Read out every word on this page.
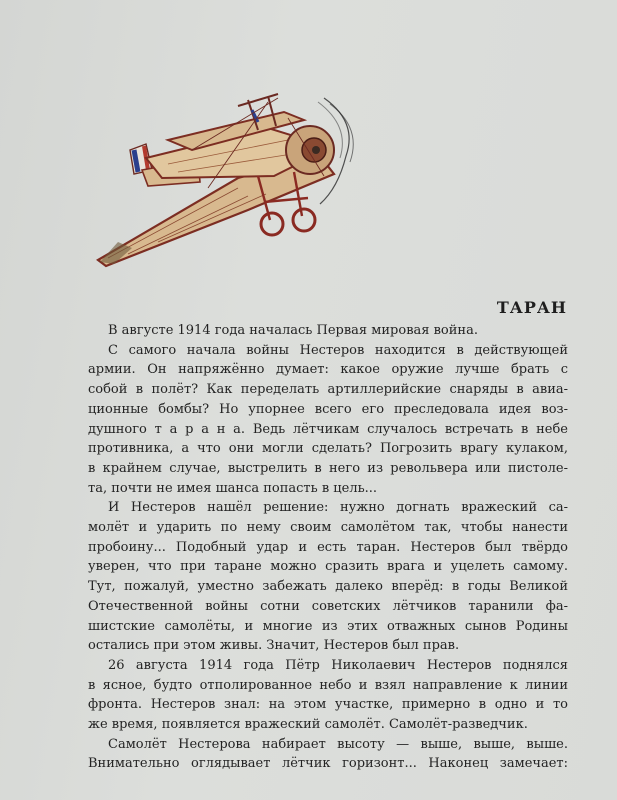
ТАРАН

В августе 1914 года началась Первая мировая война.

С самого начала войны Нестеров находится в действующей
армии. Он напряжённо думает: какое оружие лучше брать с
собой в полёт? Как переделать артиллерийские снаряды в авиа-
ционные бомбы? Но упорнее всего его преследовала идея воз-
душного т а р а н а. Ведь лётчикам случалось встречать в небе
противника, а что они могли сделать? Погрозить врагу кулаком,
в крайнем случае, выстрелить в него из револьвера или пистоле-
та, почти не имея шанса попасть в цель...

И Нестеров нашёл решение: нужно догнать вражеский са-
молёт и ударить по нему своим самолётом так, чтобы нанести
пробоину... Подобный удар и есть таран. Нестеров был твёрдо
уверен, что при таране можно сразить врага и уцелеть самому.
Тут, пожалуй, уместно забежать далеко вперёд: в годы Великой
Отечественной войны сотни советских лётчиков таранили фа-
шистские самолёты, и многие из этих отважных сынов Родины
остались при этом живы. Значит, Нестеров был прав.

26 августа 1914 года Пётр Николаевич Нестеров поднялся
в ясное, будто отполированное небо и взял направление к линии
фронта. Нестеров знал: на этом участке, примерно в одно и то
же время, появляется вражеский самолёт. Самолёт-разведчик.

Самолёт Нестерова набирает высоту — выше, выше, выше.
Внимательно оглядывает лётчик горизонт... Наконец замечает:
